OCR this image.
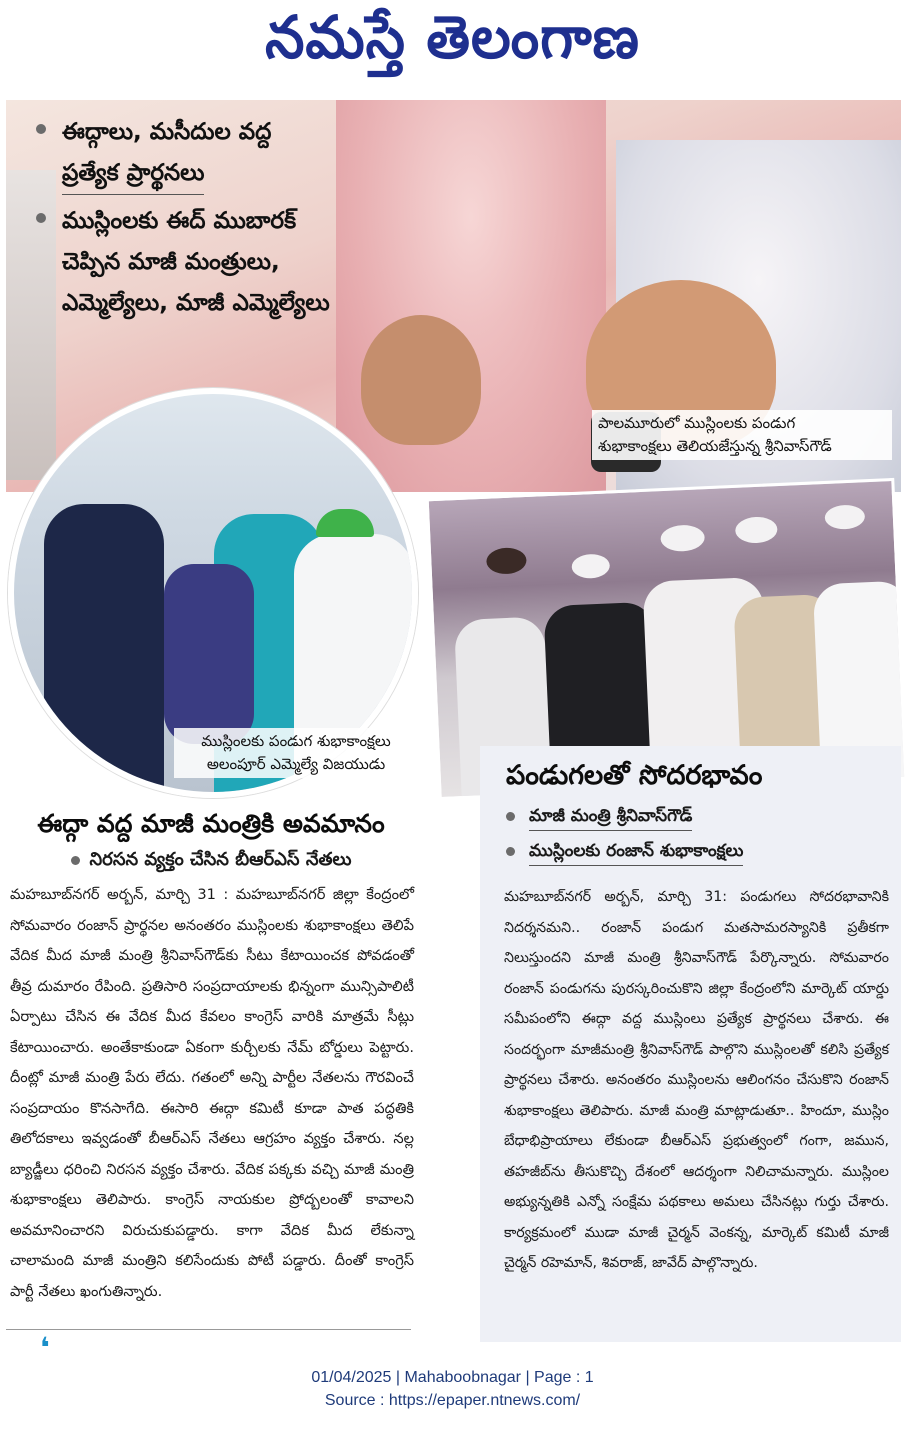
నమస్తే తెలంగాణ
ఈద్గాలు, మసీదుల వద్ద
ప్రత్యేక ప్రార్థనలు
ముస్లింలకు ఈద్ ముబారక్
చెప్పిన మాజీ మంత్రులు,
ఎమ్మెల్యేలు, మాజీ ఎమ్మెల్యేలు
పాలమూరులో ముస్లింలకు పండుగ
శుభాకాంక్షలు తెలియజేస్తున్న శ్రీనివాస్‌గౌడ్
ముస్లింలకు పండుగ శుభాకాంక్షలు
అలంపూర్ ఎమ్మెల్యే విజయుడు
ఈద్గా వద్ద మాజీ మంత్రికి అవమానం
నిరసన వ్యక్తం చేసిన బీఆర్‌ఎస్ నేతలు
మహబూబ్‌నగర్ అర్బన్, మార్చి 31 : మహబూబ్‌నగర్ జిల్లా కేంద్రంలో సోమవారం రంజాన్ ప్రార్థనల అనంతరం ముస్లింలకు శుభాకాంక్షలు తెలిపే వేదిక మీద మాజీ మంత్రి శ్రీనివాస్‌గౌడ్‌కు సీటు కేటాయించక పోవడంతో తీవ్ర దుమారం రేపింది. ప్రతిసారి సంప్రదాయాలకు భిన్నంగా మున్సిపాలిటీ ఏర్పాటు చేసిన ఈ వేదిక మీద కేవలం కాంగ్రెస్ వారికి మాత్రమే సీట్లు కేటాయించారు. అంతేకాకుండా ఏకంగా కుర్చీలకు నేమ్ బోర్డులు పెట్టారు. దీంట్లో మాజీ మంత్రి పేరు లేదు. గతంలో అన్ని పార్టీల నేతలను గౌరవించే సంప్రదాయం కొనసాగేది. ఈసారి ఈద్గా కమిటీ కూడా పాత పద్ధతికి తిలోదకాలు ఇవ్వడంతో బీఆర్‌ఎస్ నేతలు ఆగ్రహం వ్యక్తం చేశారు. నల్ల బ్యాడ్జీలు ధరించి నిరసన వ్యక్తం చేశారు. వేదిక పక్కకు వచ్చి మాజీ మంత్రి శుభాకాంక్షలు తెలిపారు. కాంగ్రెస్ నాయకుల ప్రోద్బలంతో కావాలని అవమానించారని విరుచుకుపడ్డారు. కాగా వేదిక మీద లేకున్నా చాలామంది మాజీ మంత్రిని కలిసేందుకు పోటీ పడ్డారు. దీంతో కాంగ్రెస్ పార్టీ నేతలు ఖంగుతిన్నారు.
❛
పండుగలతో సోదరభావం
మాజీ మంత్రి శ్రీనివాస్‌గౌడ్
ముస్లింలకు రంజాన్ శుభాకాంక్షలు
మహబూబ్‌నగర్ అర్బన్, మార్చి 31: పండుగలు సోదరభావానికి నిదర్శనమని.. రంజాన్ పండుగ మతసామరస్యానికి ప్రతీకగా నిలుస్తుందని మాజీ మంత్రి శ్రీనివాస్‌గౌడ్ పేర్కొన్నారు. సోమవారం రంజాన్ పండుగను పురస్కరించుకొని జిల్లా కేంద్రంలోని మార్కెట్ యార్డు సమీపంలోని ఈద్గా వద్ద ముస్లింలు ప్రత్యేక ప్రార్థనలు చేశారు. ఈ సందర్భంగా మాజీమంత్రి శ్రీనివాస్‌గౌడ్ పాల్గొని ముస్లింలతో కలిసి ప్రత్యేక ప్రార్థనలు చేశారు. అనంతరం ముస్లింలను ఆలింగనం చేసుకొని రంజాన్ శుభాకాంక్షలు తెలిపారు. మాజీ మంత్రి మాట్లాడుతూ.. హిందూ, ముస్లిం బేధాభిప్రాయాలు లేకుండా బీఆర్‌ఎస్ ప్రభుత్వంలో గంగా, జమున, తహజీబ్‌ను తీసుకొచ్చి దేశంలో ఆదర్శంగా నిలిచామన్నారు. ముస్లింల అభ్యున్నతికి ఎన్నో సంక్షేమ పథకాలు అమలు చేసినట్లు గుర్తు చేశారు. కార్యక్రమంలో ముడా మాజీ చైర్మన్ వెంకన్న, మార్కెట్ కమిటీ మాజీ చైర్మన్ రహెమాన్, శివరాజ్, జావేద్ పాల్గొన్నారు.
01/04/2025 | Mahaboobnagar | Page : 1
Source : https://epaper.ntnews.com/
